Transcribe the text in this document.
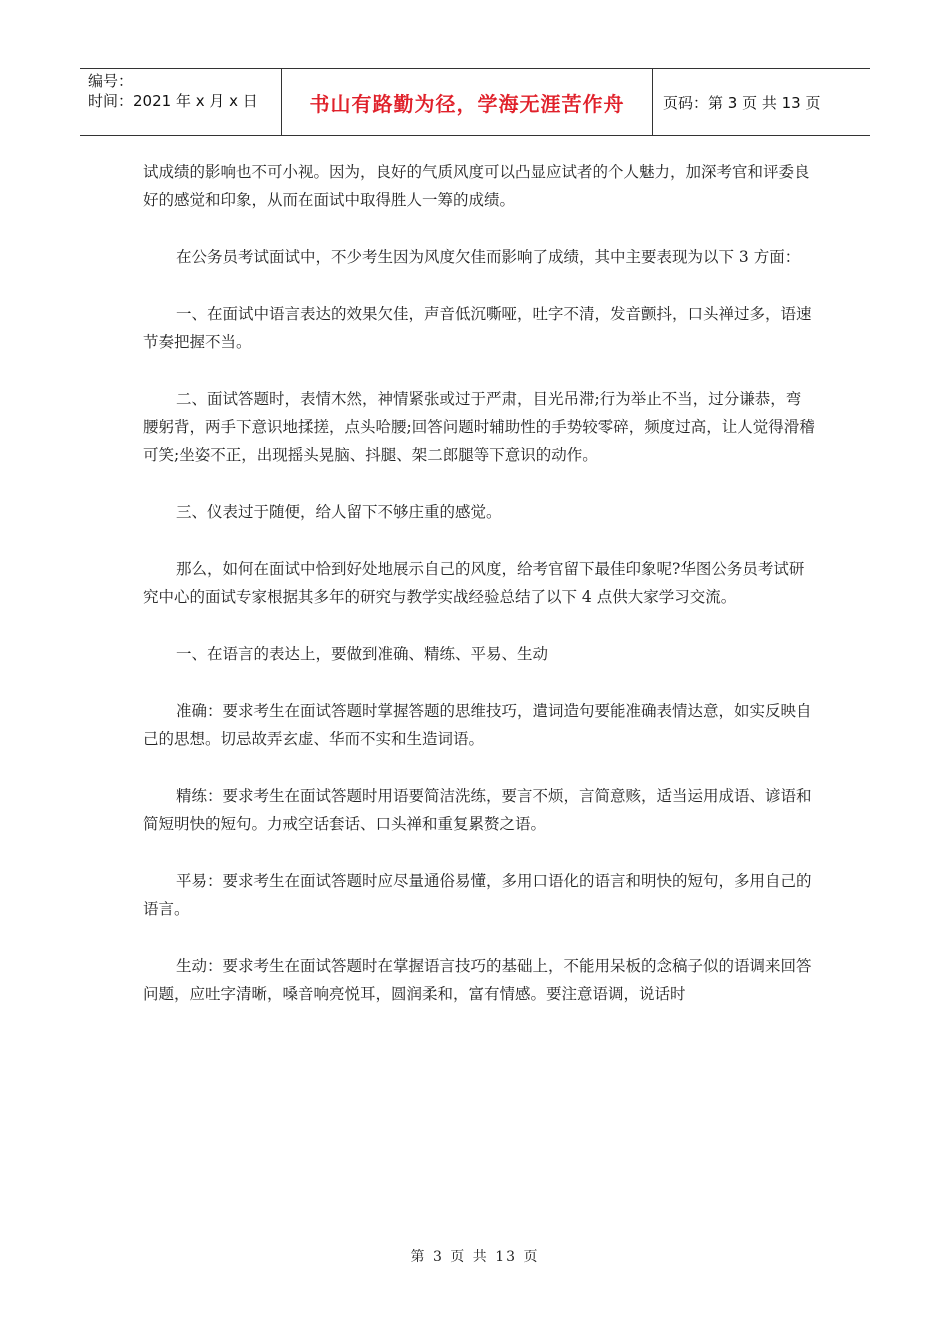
编号：
时间：2021 年 x 月 x 日	书山有路勤为径，学海无涯苦作舟	页码：第 3 页 共 13 页

试成绩的影响也不可小视。因为，良好的气质风度可以凸显应试者的个人魅力，加深考官和评委良好的感觉和印象，从而在面试中取得胜人一筹的成绩。

在公务员考试面试中，不少考生因为风度欠佳而影响了成绩，其中主要表现为以下 3 方面：

一、在面试中语言表达的效果欠佳，声音低沉嘶哑，吐字不清，发音颤抖，口头禅过多，语速节奏把握不当。

二、面试答题时，表情木然，神情紧张或过于严肃，目光吊滞;行为举止不当，过分谦恭，弯腰躬背，两手下意识地揉搓，点头哈腰;回答问题时辅助性的手势较零碎，频度过高，让人觉得滑稽可笑;坐姿不正，出现摇头晃脑、抖腿、架二郎腿等下意识的动作。

三、仪表过于随便，给人留下不够庄重的感觉。

那么，如何在面试中恰到好处地展示自己的风度，给考官留下最佳印象呢?华图公务员考试研究中心的面试专家根据其多年的研究与教学实战经验总结了以下 4 点供大家学习交流。

一、在语言的表达上，要做到准确、精练、平易、生动

准确：要求考生在面试答题时掌握答题的思维技巧，遣词造句要能准确表情达意，如实反映自己的思想。切忌故弄玄虚、华而不实和生造词语。

精练：要求考生在面试答题时用语要简洁洗练，要言不烦，言简意赅，适当运用成语、谚语和简短明快的短句。力戒空话套话、口头禅和重复累赘之语。

平易：要求考生在面试答题时应尽量通俗易懂，多用口语化的语言和明快的短句，多用自己的语言。

生动：要求考生在面试答题时在掌握语言技巧的基础上，不能用呆板的念稿子似的语调来回答问题，应吐字清晰，嗓音响亮悦耳，圆润柔和，富有情感。要注意语调，说话时

第 3 页 共 13 页
